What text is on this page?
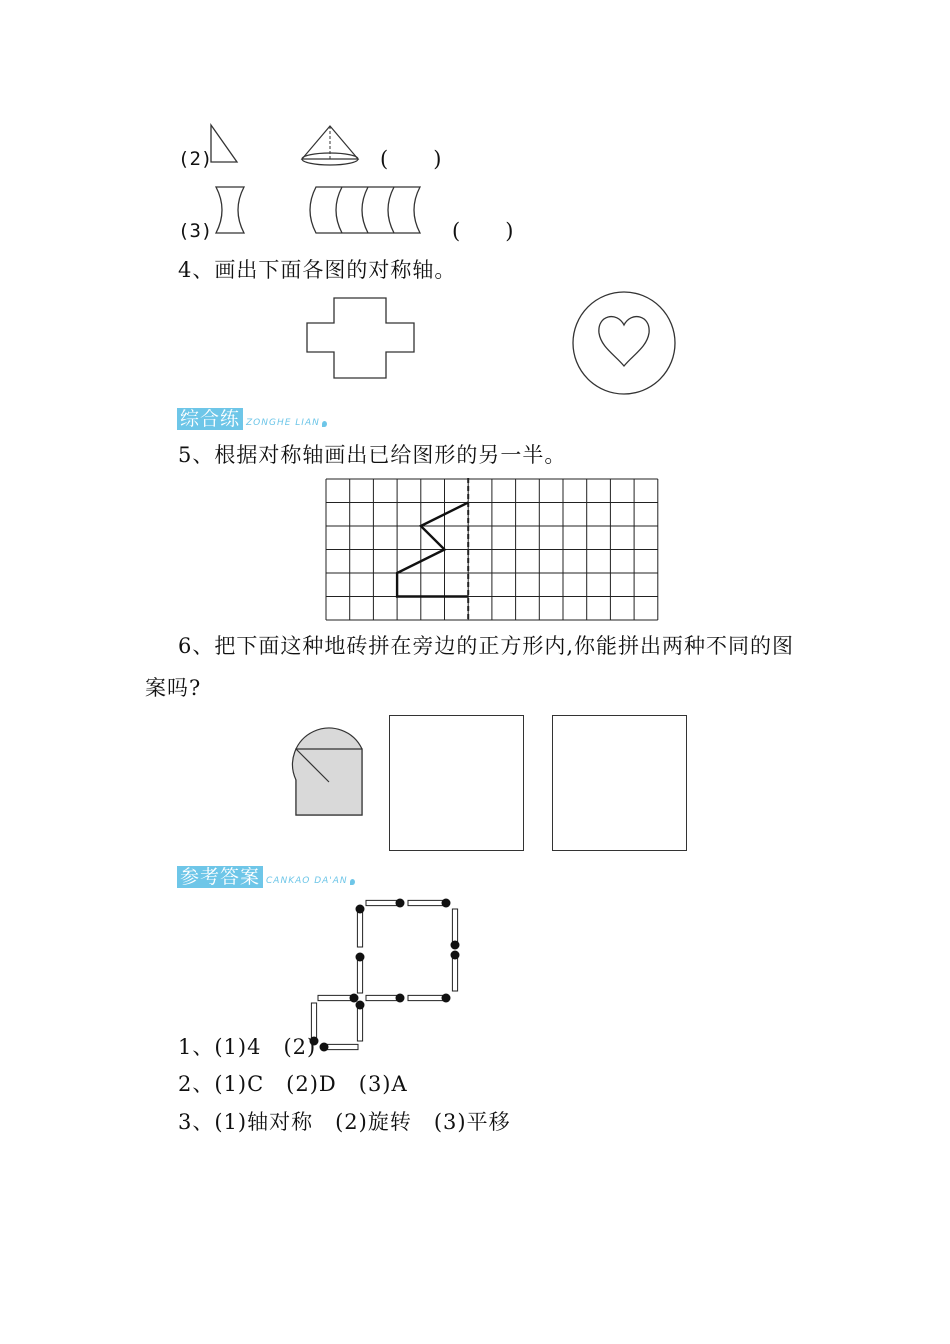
(2)	(　　)
(3)	(　　)
4、画出下面各图的对称轴。
综合练 ZONGHE LIAN
5、根据对称轴画出已给图形的另一半。
6、把下面这种地砖拼在旁边的正方形内,你能拼出两种不同的图
案吗?
参考答案 CANKAO DA'AN
1、(1)4　(2)
2、(1)C　(2)D　(3)A
3、(1)轴对称　(2)旋转　(3)平移
